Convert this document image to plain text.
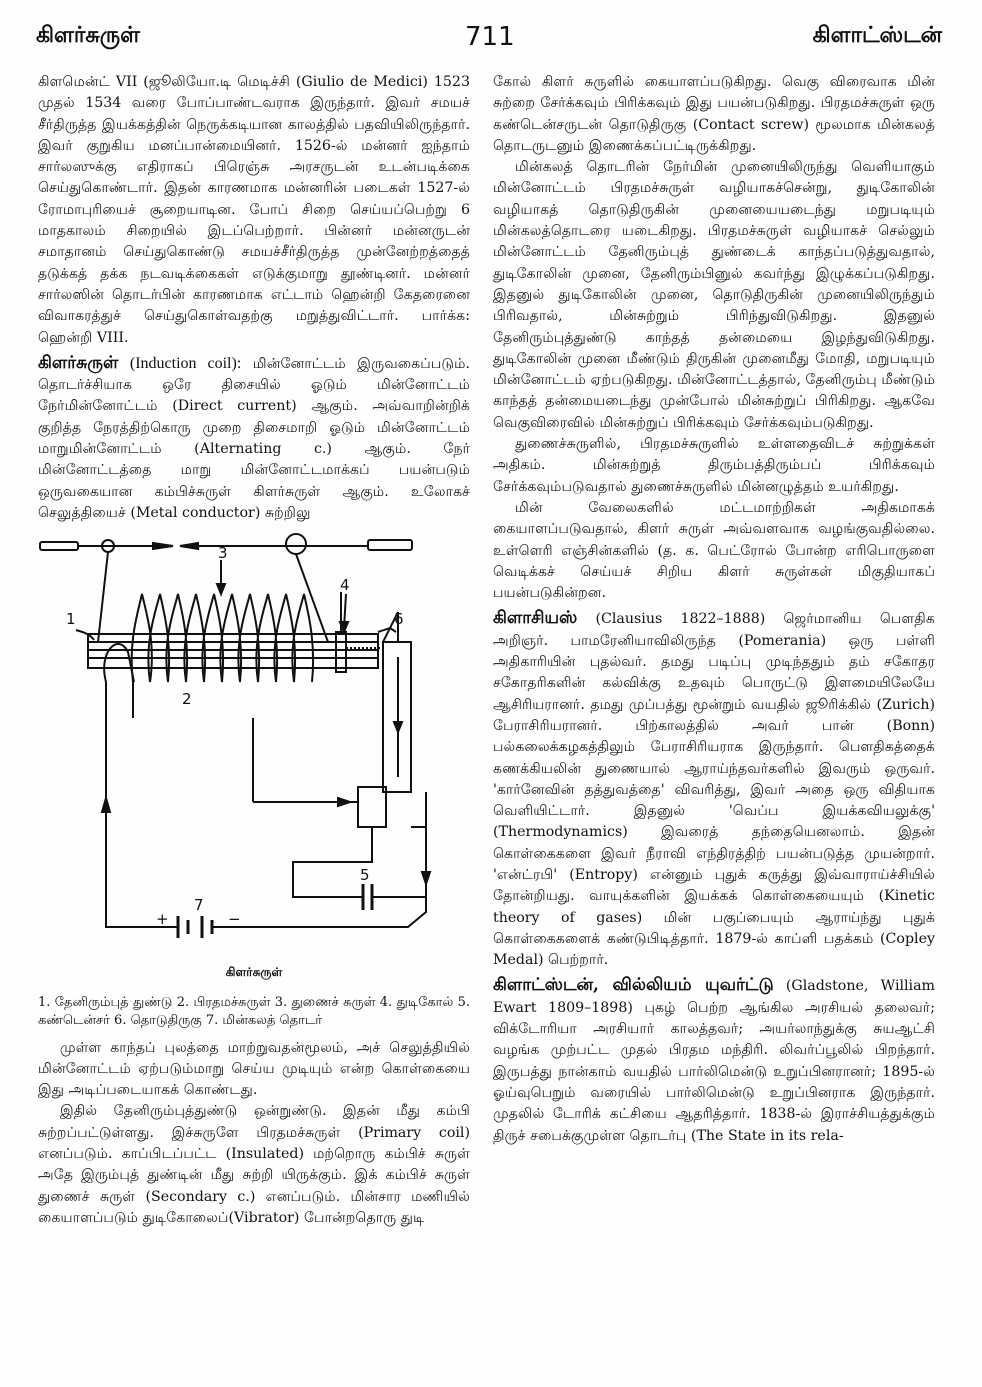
கிளர்சுருள்	711	கிளாட்ஸ்டன்

கிளமென்ட் VII (ஜூலியோ.டி மெடிச்சி (Giulio de Medici) 1523 முதல் 1534 வரை போப்பாண்டவராக இருந்தார். இவர் சமயச் சீர்திருத்த இயக்கத்தின் நெருக்கடியான காலத்தில் பதவியிலிருந்தார். இவர் குறுகிய மனப்பான்மையினர். 1526-ல் மன்னர் ஐந்தாம் சார்லஸுக்கு எதிராகப் பிரெஞ்சு அரசருடன் உடன்படிக்கை செய்துகொண்டார். இதன் காரணமாக மன்னரின் படைகள் 1527-ல் ரோமாபுரியைச் சூறையாடின. போப் சிறை செய்யப்பெற்று 6 மாதகாலம் சிறையில் இடப்பெற்றார். பின்னர் மன்னருடன் சமாதானம் செய்துகொண்டு சமயச்சீர்திருத்த முன்னேற்றத்தைத் தடுக்கத் தக்க நடவடிக்கைகள் எடுக்குமாறு தூண்டினர். மன்னர் சார்லஸின் தொடர்பின் காரணமாக எட்டாம் ஹென்றி கேதரைனை விவாகரத்துச் செய்துகொள்வதற்கு மறுத்துவிட்டார். பார்க்க: ஹென்றி VIII.

கிளர்சுருள் (Induction coil): மின்னோட்டம் இருவகைப்படும். தொடர்ச்சியாக ஒரே திசையில் ஓடும் மின்னோட்டம் நேர்மின்னோட்டம் (Direct current) ஆகும். அவ்வாறின்றிக் குறித்த நேரத்திற்கொரு முறை திசைமாறி ஓடும் மின்னோட்டம் மாறுமின்னோட்டம் (Alternating c.) ஆகும். நேர் மின்னோட்டத்தை மாறு மின்னோட்டமாக்கப் பயன்படும் ஒருவகையான கம்பிச்சுருள் கிளர்சுருள் ஆகும். உலோகச் செலுத்தியைச் (Metal conductor) சுற்றிலு

3
4
1	6
2
5
7
+	−
கிளர்சுருள்
1. தேனிரும்புத் துண்டு 2. பிரதமச்சுருள் 3. துணைச் சுருள் 4. துடிகோல் 5. கண்டென்சர் 6. தொடுதிருகு 7. மின்கலத் தொடர்

முள்ள காந்தப் புலத்தை மாற்றுவதன்மூலம், அச் செலுத்தியில் மின்னோட்டம் ஏற்படும்மாறு செய்ய முடியும் என்ற கொள்கையை இது அடிப்படையாகக் கொண்டது.

இதில் தேனிரும்புத்துண்டு ஒன்றுண்டு. இதன் மீது கம்பி சுற்றப்பட்டுள்ளது. இச்சுருளே பிரதமச்சுருள் (Primary coil) எனப்படும். காப்பிடப்பட்ட (Insulated) மற்றொரு கம்பிச் சுருள் அதே இரும்புத் துண்டின் மீது சுற்றி யிருக்கும். இக் கம்பிச் சுருள் துணைச் சுருள் (Secondary c.) எனப்படும். மின்சார மணியில் கையாளப்படும் துடிகோலைப்(Vibrator) போன்றதொரு துடி

கோல் கிளர் சுருளில் கையாளப்படுகிறது. வெகு விரைவாக மின் சுற்றை சேர்க்கவும் பிரிக்கவும் இது பயன்படுகிறது. பிரதமச்சுருள் ஒரு கண்டென்சருடன் தொடுதிருகு (Contact screw) மூலமாக மின்கலத் தொடருடனும் இணைக்கப்பட்டிருக்கிறது.

மின்கலத் தொடரின் நேர்மின் முனையிலிருந்து வெளியாகும் மின்னோட்டம் பிரதமச்சுருள் வழியாகச்சென்று, துடிகோலின் வழியாகத் தொடுதிருகின் முனையையடைந்து மறுபடியும் மின்கலத்தொடரை யடைகிறது. பிரதமச்சுருள் வழியாகச் செல்லும் மின்னோட்டம் தேனிரும்புத் துண்டைக் காந்தப்படுத்துவதால், துடிகோலின் முனை, தேனிரும்பினுல் கவர்ந்து இழுக்கப்படுகிறது. இதனுல் துடிகோலின் முனை, தொடுதிருகின் முனையிலிருந்தும் பிரிவதால், மின்சுற்றும் பிரிந்துவிடுகிறது. இதனுல் தேனிரும்புத்துண்டு காந்தத் தன்மையை இழந்துவிடுகிறது. துடிகோலின் முனை மீண்டும் திருகின் முனைமீது மோதி, மறுபடியும் மின்னோட்டம் ஏற்படுகிறது. மின்னோட்டத்தால், தேனிரும்பு மீண்டும் காந்தத் தன்மையடைந்து முன்போல் மின்சுற்றுப் பிரிகிறது. ஆகவே வெகுவிரைவில் மின்சுற்றுப் பிரிக்கவும் சேர்க்கவும்படுகிறது.

துணைச்சுருளில், பிரதமச்சுருளில் உள்ளதைவிடச் சுற்றுக்கள் அதிகம். மின்சுற்றுத் திரும்பத்திரும்பப் பிரிக்கவும் சேர்க்கவும்படுவதால் துணைச்சுருளில் மின்னழுத்தம் உயர்கிறது.

மின் வேலைகளில் மட்டமாற்றிகள் அதிகமாகக் கையாளப்படுவதால், கிளர் சுருள் அவ்வளவாக வழங்குவதில்லை. உள்ளெரி எஞ்சின்களில் (த. க. பெட்ரோல் போன்ற எரிபொருளை வெடிக்கச் செய்யச் சிறிய கிளர் சுருள்கள் மிகுதியாகப் பயன்படுகின்றன.

கிளாசியஸ் (Clausius 1822–1888) ஜெர்மானிய பௌதிக அறிஞர். பாமரேனியாவிலிருந்த (Pomerania) ஒரு பள்ளி அதிகாரியின் புதல்வர். தமது படிப்பு முடிந்ததும் தம் சகோதர சகோதரிகளின் கல்விக்கு உதவும் பொருட்டு இளமையிலேயே ஆசிரியரானர். தமது முப்பத்து மூன்றும் வயதில் ஜூரிக்கில் (Zurich) பேராசிரியரானர். பிற்காலத்தில் அவர் பான் (Bonn) பல்கலைக்கழகத்திலும் பேராசிரியராக இருந்தார். பௌதிகத்தைக் கணக்கியலின் துணையால் ஆராய்ந்தவர்களில் இவரும் ஒருவர். 'கார்னேவின் தத்துவத்தை' விவரித்து, இவர் அதை ஒரு விதியாக வெளியிட்டார். இதனுல் 'வெப்ப இயக்கவியலுக்கு' (Thermodynamics) இவரைத் தந்தையெனலாம். இதன் கொள்கைகளை இவர் நீராவி எந்திரத்திற் பயன்படுத்த முயன்றார். 'என்ட்ரபி' (Entropy) என்னும் புதுக் கருத்து இவ்வாராய்ச்சியில் தோன்றியது. வாயுக்களின் இயக்கக் கொள்கையையும் (Kinetic theory of gases) மின் பகுப்பையும் ஆராய்ந்து புதுக் கொள்கைகளைக் கண்டுபிடித்தார். 1879-ல் காப்ளி பதக்கம் (Copley Medal) பெற்றார்.

கிளாட்ஸ்டன், வில்லியம் யுவர்ட்டு (Gladstone, William Ewart 1809–1898) புகழ் பெற்ற ஆங்கில அரசியல் தலைவர்; விக்டோரியா அரசியார் காலத்தவர்; அயர்லாந்துக்கு சுயஆட்சி வழங்க முற்பட்ட முதல் பிரதம மந்திரி. லிவர்ப்பூலில் பிறந்தார். இருபத்து நான்காம் வயதில் பார்லிமென்டு உறுப்பினரானர்; 1895-ல் ஓய்வுபெறும் வரையில் பார்லிமென்டு உறுப்பினராக இருந்தார். முதலில் டோரிக் கட்சியை ஆதரித்தார். 1838-ல் இராச்சியத்துக்கும் திருச் சபைக்குமுள்ள தொடர்பு (The State in its rela-
